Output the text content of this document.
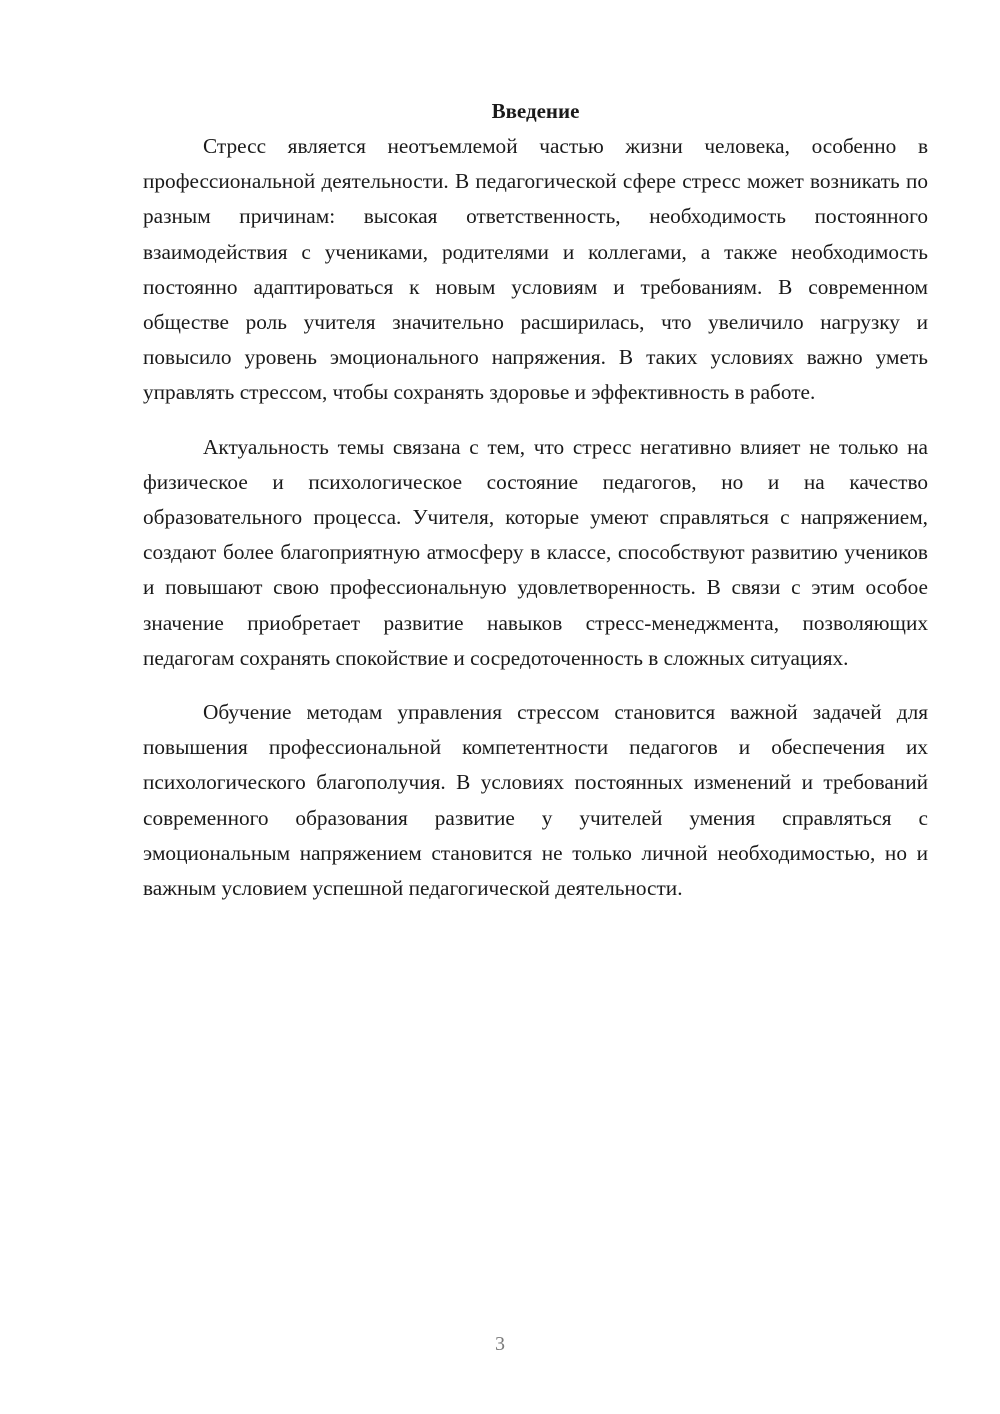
Введение

Стресс является неотъемлемой частью жизни человека, особенно в профессиональной деятельности. В педагогической сфере стресс может возникать по разным причинам: высокая ответственность, необходимость постоянного взаимодействия с учениками, родителями и коллегами, а также необходимость постоянно адаптироваться к новым условиям и требованиям. В современном обществе роль учителя значительно расширилась, что увеличило нагрузку и повысило уровень эмоционального напряжения. В таких условиях важно уметь управлять стрессом, чтобы сохранять здоровье и эффективность в работе.

Актуальность темы связана с тем, что стресс негативно влияет не только на физическое и психологическое состояние педагогов, но и на качество образовательного процесса. Учителя, которые умеют справляться с напряжением, создают более благоприятную атмосферу в классе, способствуют развитию учеников и повышают свою профессиональную удовлетворенность. В связи с этим особое значение приобретает развитие навыков стресс-менеджмента, позволяющих педагогам сохранять спокойствие и сосредоточенность в сложных ситуациях.

Обучение методам управления стрессом становится важной задачей для повышения профессиональной компетентности педагогов и обеспечения их психологического благополучия. В условиях постоянных изменений и требований современного образования развитие у учителей умения справляться с эмоциональным напряжением становится не только личной необходимостью, но и важным условием успешной педагогической деятельности.

3
